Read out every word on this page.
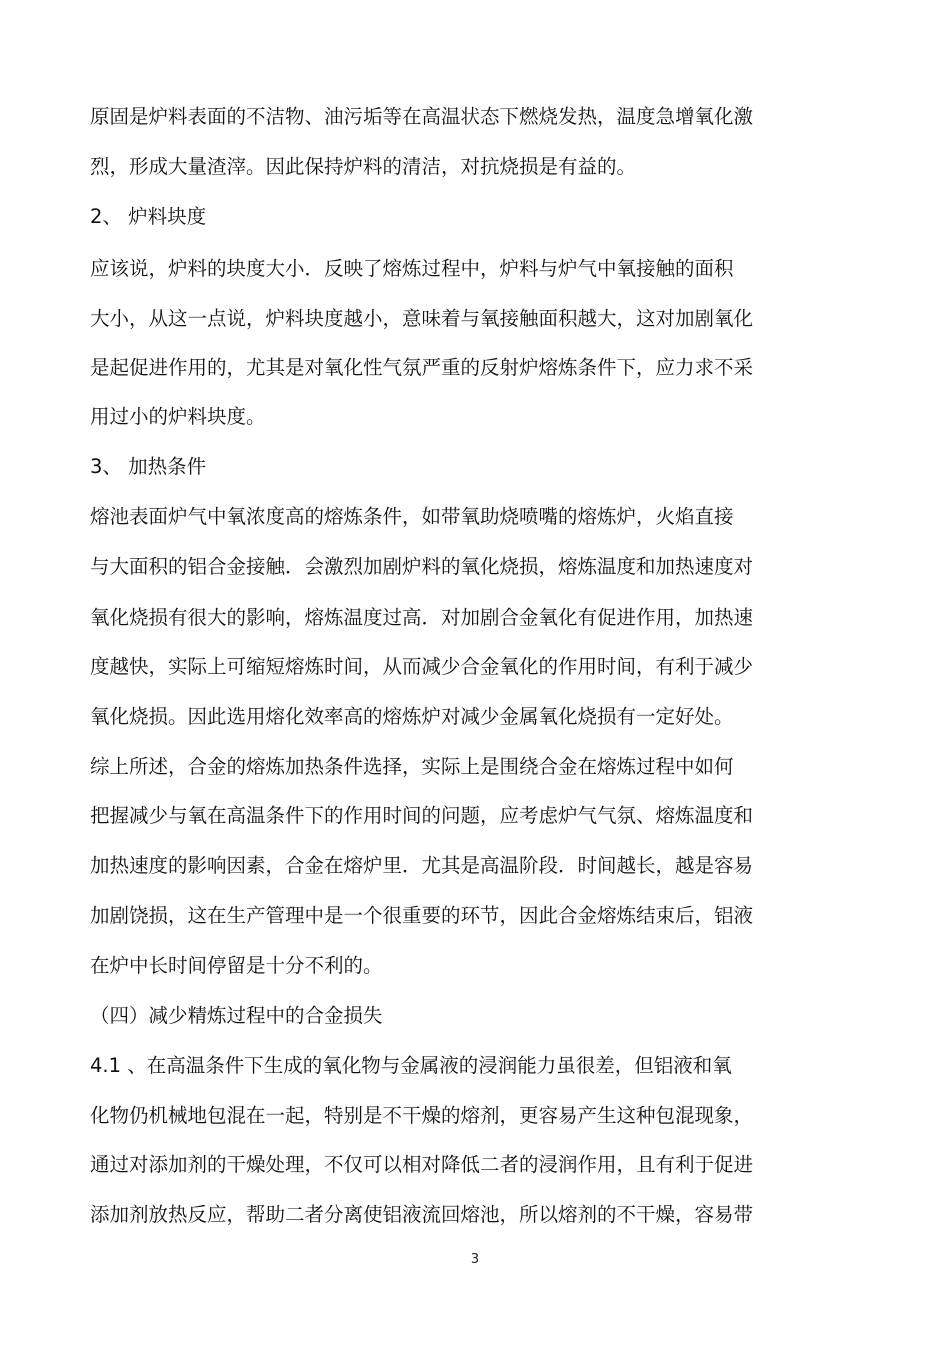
原固是炉料表面的不洁物、油污垢等在高温状态下燃烧发热，温度急增氧化激

烈，形成大量渣滓。因此保持炉料的清洁，对抗烧损是有益的。

2、 炉料块度

应该说，炉料的块度大小．反映了熔炼过程中，炉料与炉气中氧接触的面积

大小，从这一点说，炉料块度越小，意味着与氧接触面积越大，这对加剧氧化

是起促进作用的，尤其是对氧化性气氛严重的反射炉熔炼条件下，应力求不采

用过小的炉料块度。

3、 加热条件

熔池表面炉气中氧浓度高的熔炼条件，如带氧助烧喷嘴的熔炼炉，火焰直接

与大面积的铝合金接触．会激烈加剧炉料的氧化烧损，熔炼温度和加热速度对

氧化烧损有很大的影响，熔炼温度过高．对加剧合金氧化有促进作用，加热速

度越快，实际上可缩短熔炼时间，从而减少合金氧化的作用时间，有利于减少

氧化烧损。因此选用熔化效率高的熔炼炉对减少金属氧化烧损有一定好处。

综上所述，合金的熔炼加热条件选择，实际上是围绕合金在熔炼过程中如何

把握减少与氧在高温条件下的作用时间的问题，应考虑炉气气氛、熔炼温度和

加热速度的影响因素，合金在熔炉里．尤其是高温阶段．时间越长，越是容易

加剧饶损，这在生产管理中是一个很重要的环节，因此合金熔炼结束后，铝液

在炉中长时间停留是十分不利的。

（四）减少精炼过程中的合金损失

4.1 、在高温条件下生成的氧化物与金属液的浸润能力虽很差，但铝液和氧

化物仍机械地包混在一起，特别是不干燥的熔剂，更容易产生这种包混现象，

通过对添加剂的干燥处理，不仅可以相对降低二者的浸润作用，且有利于促进

添加剂放热反应，帮助二者分离使铝液流回熔池，所以熔剂的不干燥，容易带

3
